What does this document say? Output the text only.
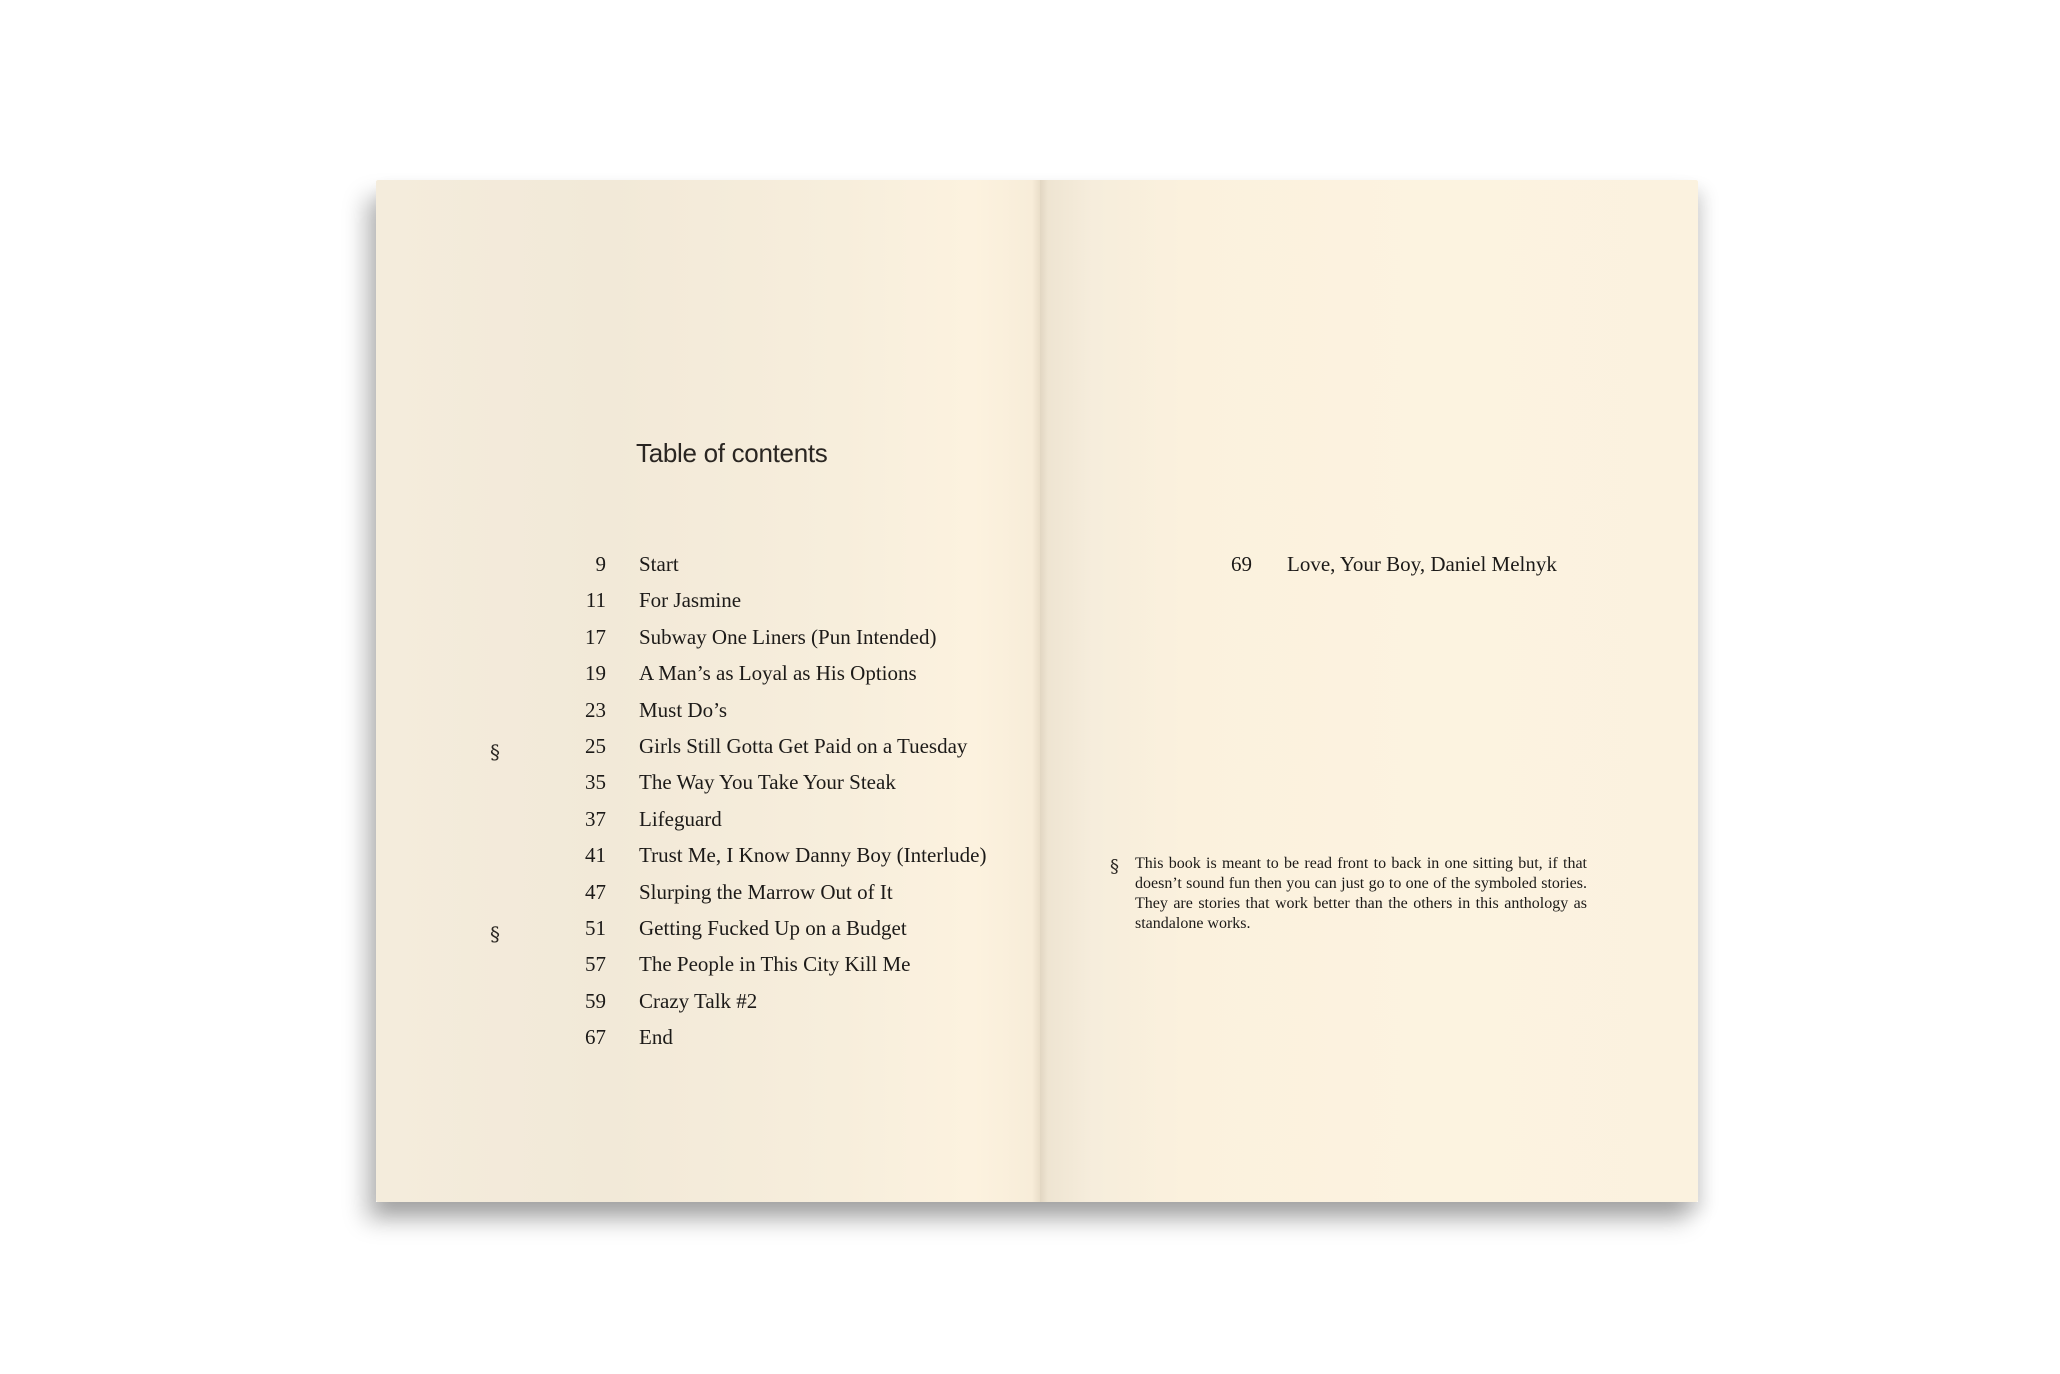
Table of contents
9 Start
11 For Jasmine
17 Subway One Liners (Pun Intended)
19 A Man’s as Loyal as His Options
23 Must Do’s
§	25 Girls Still Gotta Get Paid on a Tuesday
35 The Way You Take Your Steak
37 Lifeguard
41 Trust Me, I Know Danny Boy (Interlude)
47 Slurping the Marrow Out of It
§	51 Getting Fucked Up on a Budget
57 The People in This City Kill Me
59 Crazy Talk #2
67 End
69 Love, Your Boy, Daniel Melnyk
§ This book is meant to be read front to back in one sitting but, if that doesn’t sound fun then you can just go to one of the symboled stories. They are stories that work better than the others in this anthology as standalone works.
